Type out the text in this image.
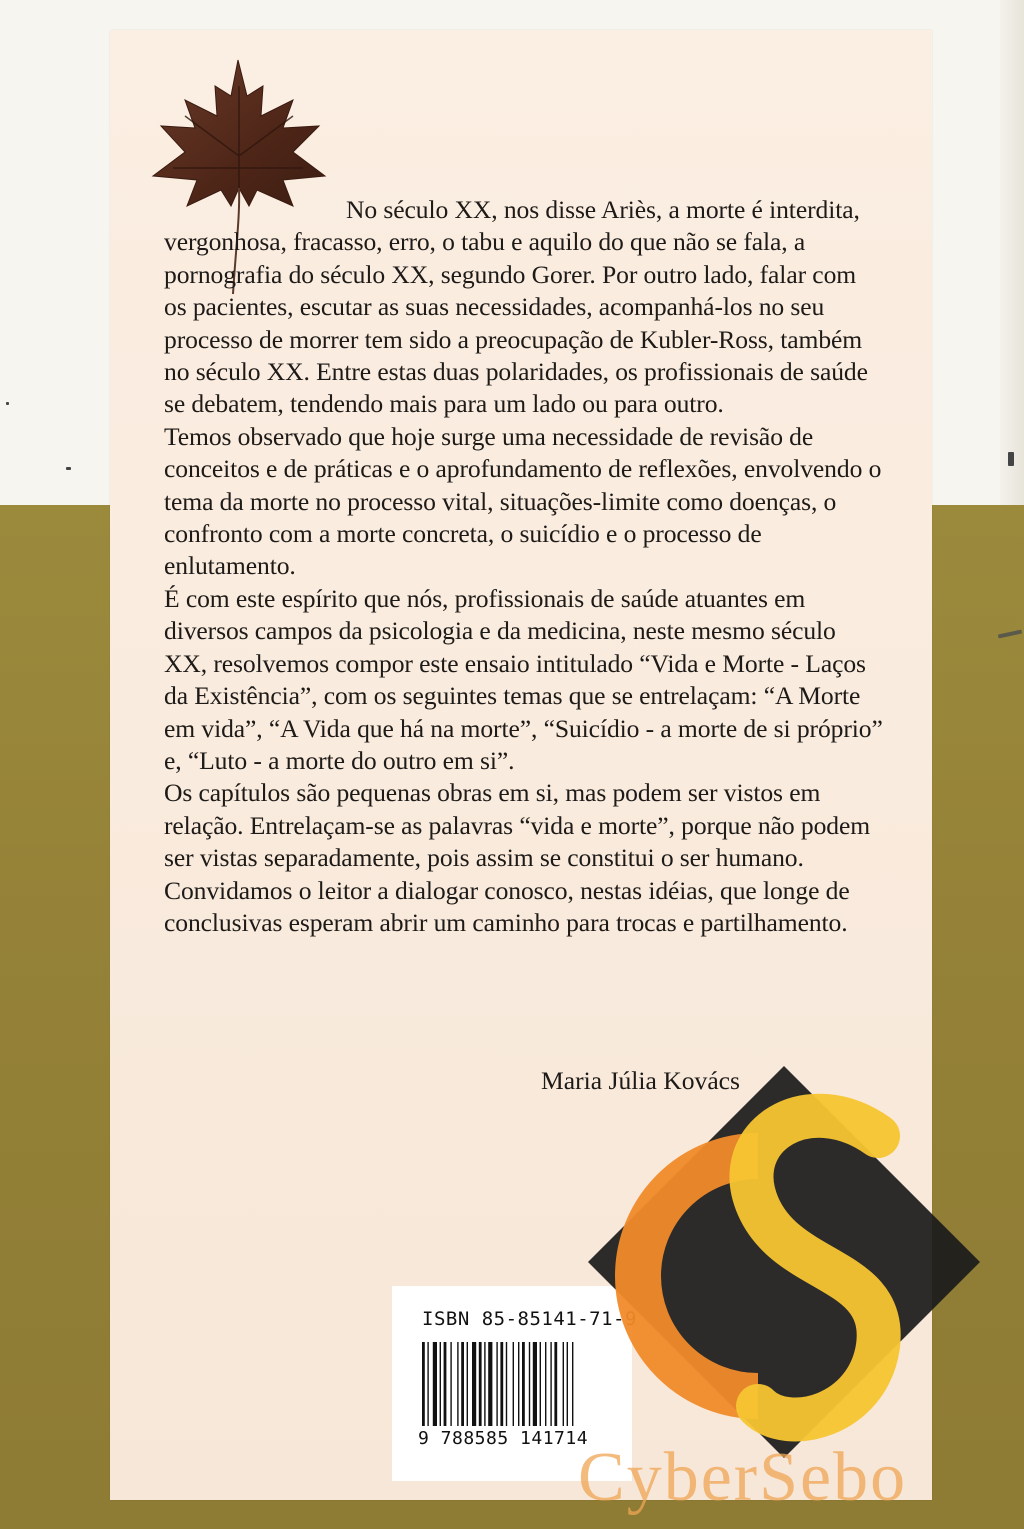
No século XX, nos disse Ariès, a morte é interdita, vergonhosa, fracasso, erro, o tabu e aquilo do que não se fala, a pornografia do século XX, segundo Gorer. Por outro lado, falar com os pacientes, escutar as suas necessidades, acompanhá-los no seu processo de morrer tem sido a preocupação de Kubler-Ross, também no século XX. Entre estas duas polaridades, os profissionais de saúde se debatem, tendendo mais para um lado ou para outro.

Temos observado que hoje surge uma necessidade de revisão de conceitos e de práticas e o aprofundamento de reflexões, envolvendo o tema da morte no processo vital, situações-limite como doenças, o confronto com a morte concreta, o suicídio e o processo de enlutamento.

É com este espírito que nós, profissionais de saúde atuantes em diversos campos da psicologia e da medicina, neste mesmo século XX, resolvemos compor este ensaio intitulado “Vida e Morte - Laços da Existência”, com os seguintes temas que se entrelaçam: “A Morte em vida”, “A Vida que há na morte”, “Suicídio - a morte de si próprio” e, “Luto - a morte do outro em si”.

Os capítulos são pequenas obras em si, mas podem ser vistos em relação. Entrelaçam-se as palavras “vida e morte”, porque não podem ser vistas separadamente, pois assim se constitui o ser humano.

Convidamos o leitor a dialogar conosco, nestas idéias, que longe de conclusivas esperam abrir um caminho para trocas e partilhamento.

Maria Júlia Kovács
ISBN 85-85141-71-9
9 788585 141714
CyberSebo
